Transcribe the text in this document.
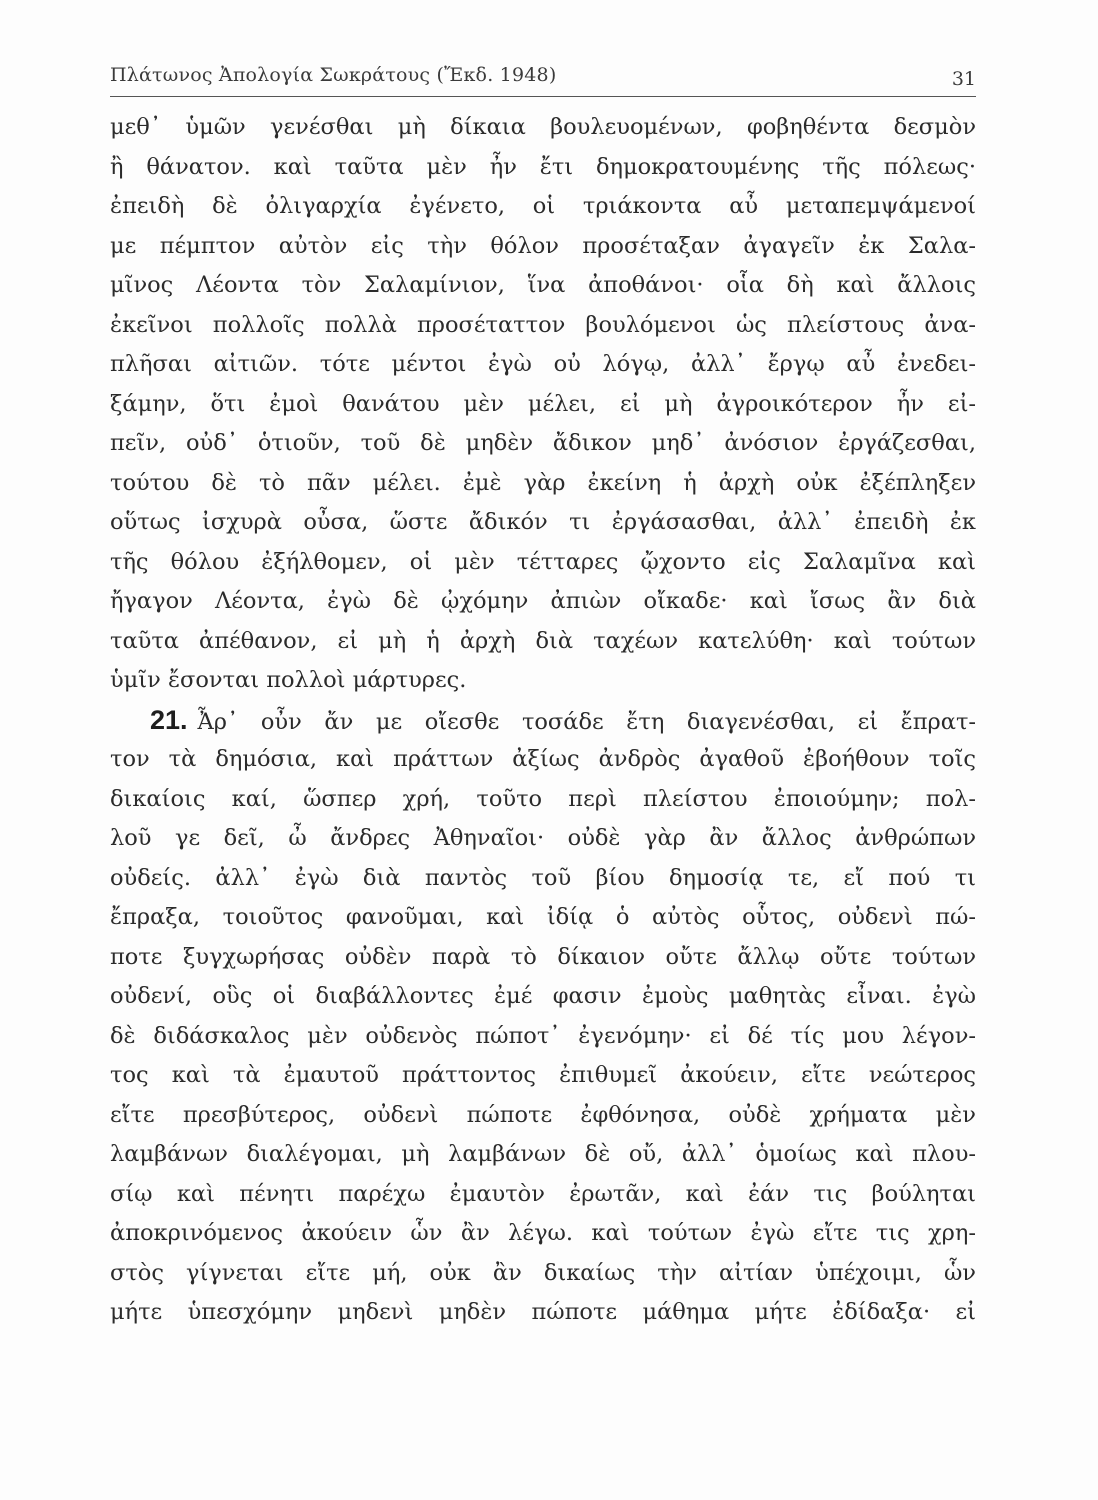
Πλάτωνος Ἀπολογία Σωκράτους (Ἔκδ. 1948)	31
μεθ᾿ ὑμῶν γενέσθαι μὴ δίκαια βουλευομένων, φοβηθέντα δεσμὸν
ἢ θάνατον. καὶ ταῦτα μὲν ἦν ἔτι δημοκρατουμένης τῆς πόλεως·
ἐπειδὴ δὲ ὀλιγαρχία ἐγένετο, οἱ τριάκοντα αὖ μεταπεμψάμενοί
με πέμπτον αὐτὸν εἰς τὴν θόλον προσέταξαν ἀγαγεῖν ἐκ Σαλα-
μῖνος Λέοντα τὸν Σαλαμίνιον, ἵνα ἀποθάνοι· οἷα δὴ καὶ ἄλλοις
ἐκεῖνοι πολλοῖς πολλὰ προσέταττον βουλόμενοι ὡς πλείστους ἀνα-
πλῆσαι αἰτιῶν. τότε μέντοι ἐγὼ οὐ λόγῳ, ἀλλ᾿ ἔργῳ αὖ ἐνεδει-
ξάμην, ὅτι ἐμοὶ θανάτου μὲν μέλει, εἰ μὴ ἀγροικότερον ἦν εἰ-
πεῖν, οὐδ᾿ ὁτιοῦν, τοῦ δὲ μηδὲν ἄδικον μηδ᾿ ἀνόσιον ἐργάζεσθαι,
τούτου δὲ τὸ πᾶν μέλει. ἐμὲ γὰρ ἐκείνη ἡ ἀρχὴ οὐκ ἐξέπληξεν
οὕτως ἰσχυρὰ οὖσα, ὥστε ἄδικόν τι ἐργάσασθαι, ἀλλ᾿ ἐπειδὴ ἐκ
τῆς θόλου ἐξήλθομεν, οἱ μὲν τέτταρες ᾤχοντο εἰς Σαλαμῖνα καὶ
ἤγαγον Λέοντα, ἐγὼ δὲ ᾠχόμην ἀπιὼν οἴκαδε· καὶ ἴσως ἂν διὰ
ταῦτα ἀπέθανον, εἰ μὴ ἡ ἀρχὴ διὰ ταχέων κατελύθη· καὶ τούτων
ὑμῖν ἔσονται πολλοὶ μάρτυρες.
21. Ἆρ᾿ οὖν ἄν με οἴεσθε τοσάδε ἔτη διαγενέσθαι, εἰ ἔπρατ-
τον τὰ δημόσια, καὶ πράττων ἀξίως ἀνδρὸς ἀγαθοῦ ἐβοήθουν τοῖς
δικαίοις καί, ὥσπερ χρή, τοῦτο περὶ πλείστου ἐποιούμην; πολ-
λοῦ γε δεῖ, ὦ ἄνδρες Ἀθηναῖοι· οὐδὲ γὰρ ἂν ἄλλος ἀνθρώπων
οὐδείς. ἀλλ᾿ ἐγὼ διὰ παντὸς τοῦ βίου δημοσίᾳ τε, εἴ πού τι
ἔπραξα, τοιοῦτος φανοῦμαι, καὶ ἰδίᾳ ὁ αὐτὸς οὗτος, οὐδενὶ πώ-
ποτε ξυγχωρήσας οὐδὲν παρὰ τὸ δίκαιον οὔτε ἄλλῳ οὔτε τούτων
οὐδενί, οὓς οἱ διαβάλλοντες ἐμέ φασιν ἐμοὺς μαθητὰς εἶναι. ἐγὼ
δὲ διδάσκαλος μὲν οὐδενὸς πώποτ᾿ ἐγενόμην· εἰ δέ τίς μου λέγον-
τος καὶ τὰ ἐμαυτοῦ πράττοντος ἐπιθυμεῖ ἀκούειν, εἴτε νεώτερος
εἴτε πρεσβύτερος, οὐδενὶ πώποτε ἐφθόνησα, οὐδὲ χρήματα μὲν
λαμβάνων διαλέγομαι, μὴ λαμβάνων δὲ οὔ, ἀλλ᾿ ὁμοίως καὶ πλου-
σίῳ καὶ πένητι παρέχω ἐμαυτὸν ἐρωτᾶν, καὶ ἐάν τις βούληται
ἀποκρινόμενος ἀκούειν ὧν ἂν λέγω. καὶ τούτων ἐγὼ εἴτε τις χρη-
στὸς γίγνεται εἴτε μή, οὐκ ἂν δικαίως τὴν αἰτίαν ὑπέχοιμι, ὧν
μήτε ὑπεσχόμην μηδενὶ μηδὲν πώποτε μάθημα μήτε ἐδίδαξα· εἰ
